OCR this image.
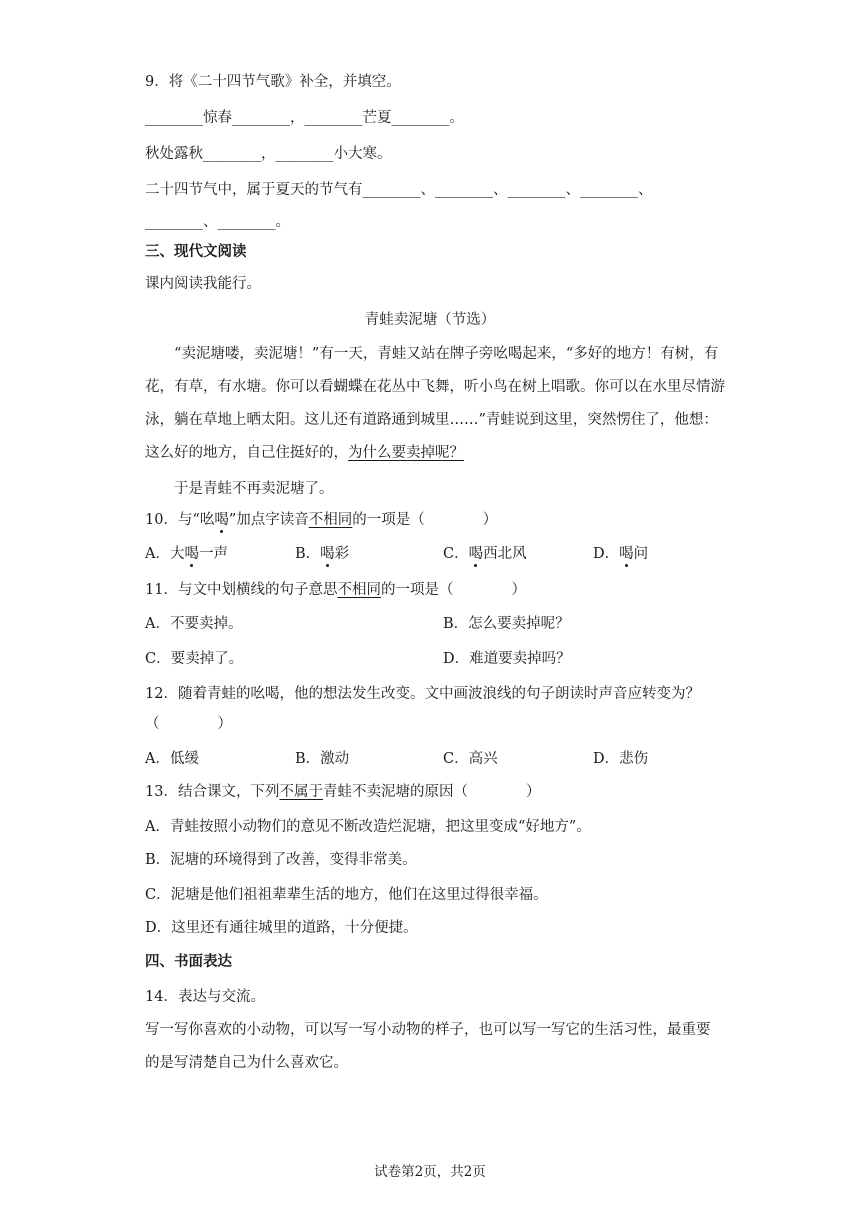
9．将《二十四节气歌》补全，并填空。
________惊春________，________芒夏________。
秋处露秋________，________小大寒。
二十四节气中，属于夏天的节气有________、________、________、________、
________、________。
三、现代文阅读
课内阅读我能行。
青蛙卖泥塘（节选）
“卖泥塘喽，卖泥塘！”有一天，青蛙又站在牌子旁吆喝起来，“多好的地方！有树，有花，有草，有水塘。你可以看蝴蝶在花丛中飞舞，听小鸟在树上唱歌。你可以在水里尽情游泳，躺在草地上晒太阳。这儿还有道路通到城里……”青蛙说到这里，突然愣住了，他想：这么好的地方，自己住挺好的，为什么要卖掉呢？
于是青蛙不再卖泥塘了。
10．与“吆喝”加点字读音不相同的一项是（　　　　）
A．大喝一声	B．喝彩	C．喝西北风	D．喝问
11．与文中划横线的句子意思不相同的一项是（　　　　）
A．不要卖掉。	B．怎么要卖掉呢？
C．要卖掉了。	D．难道要卖掉吗？
12．随着青蛙的吆喝，他的想法发生改变。文中画波浪线的句子朗读时声音应转变为？
（　　　　）
A．低缓	B．激动	C．高兴	D．悲伤
13．结合课文，下列不属于青蛙不卖泥塘的原因（　　　　）
A．青蛙按照小动物们的意见不断改造烂泥塘，把这里变成“好地方”。
B．泥塘的环境得到了改善，变得非常美。
C．泥塘是他们祖祖辈辈生活的地方，他们在这里过得很幸福。
D．这里还有通往城里的道路，十分便捷。
四、书面表达
14．表达与交流。
写一写你喜欢的小动物，可以写一写小动物的样子，也可以写一写它的生活习性，最重要的是写清楚自己为什么喜欢它。
试卷第2页，共2页
